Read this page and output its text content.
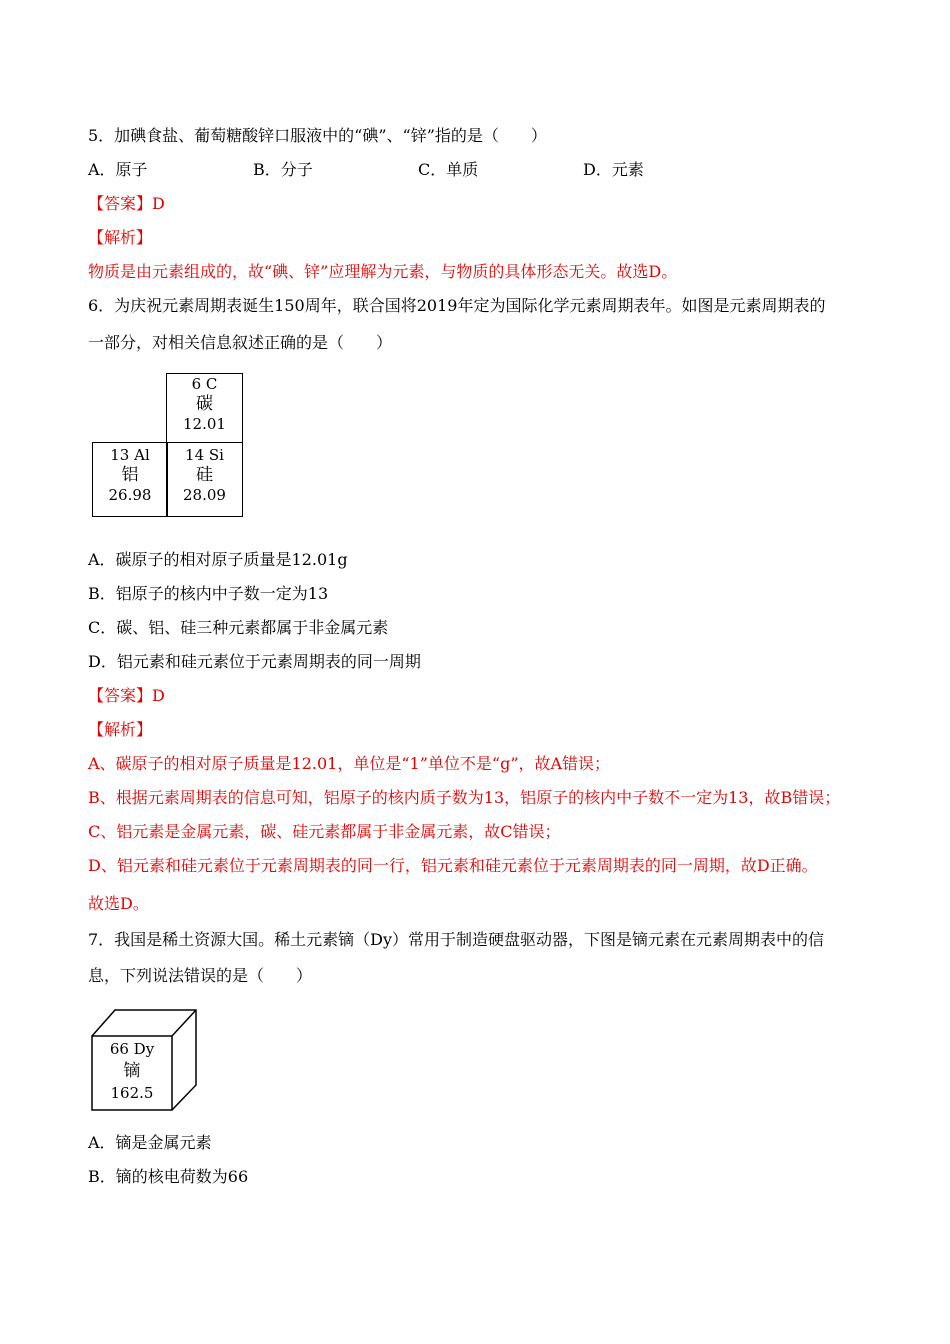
5．加碘食盐、葡萄糖酸锌口服液中的“碘”、“锌”指的是（　　）
A．原子	B．分子	C．单质	D．元素
【答案】D
【解析】
物质是由元素组成的，故“碘、锌”应理解为元素，与物质的具体形态无关。故选D。
6．为庆祝元素周期表诞生150周年，联合国将2019年定为国际化学元素周期表年。如图是元素周期表的
一部分，对相关信息叙述正确的是（　　）
6 C
碳
12.01
13 Al
铝
26.98
14 Si
硅
28.09
A．碳原子的相对原子质量是12.01g
B．铝原子的核内中子数一定为13
C．碳、铝、硅三种元素都属于非金属元素
D．铝元素和硅元素位于元素周期表的同一周期
【答案】D
【解析】
A、碳原子的相对原子质量是12.01，单位是“1”单位不是“g”，故A错误；
B、根据元素周期表的信息可知，铝原子的核内质子数为13，铝原子的核内中子数不一定为13，故B错误；
C、铝元素是金属元素，碳、硅元素都属于非金属元素，故C错误；
D、铝元素和硅元素位于元素周期表的同一行，铝元素和硅元素位于元素周期表的同一周期，故D正确。
故选D。
7．我国是稀土资源大国。稀土元素镝（Dy）常用于制造硬盘驱动器，下图是镝元素在元素周期表中的信
息，下列说法错误的是（　　）
66 Dy
镝
162.5
A．镝是金属元素
B．镝的核电荷数为66
